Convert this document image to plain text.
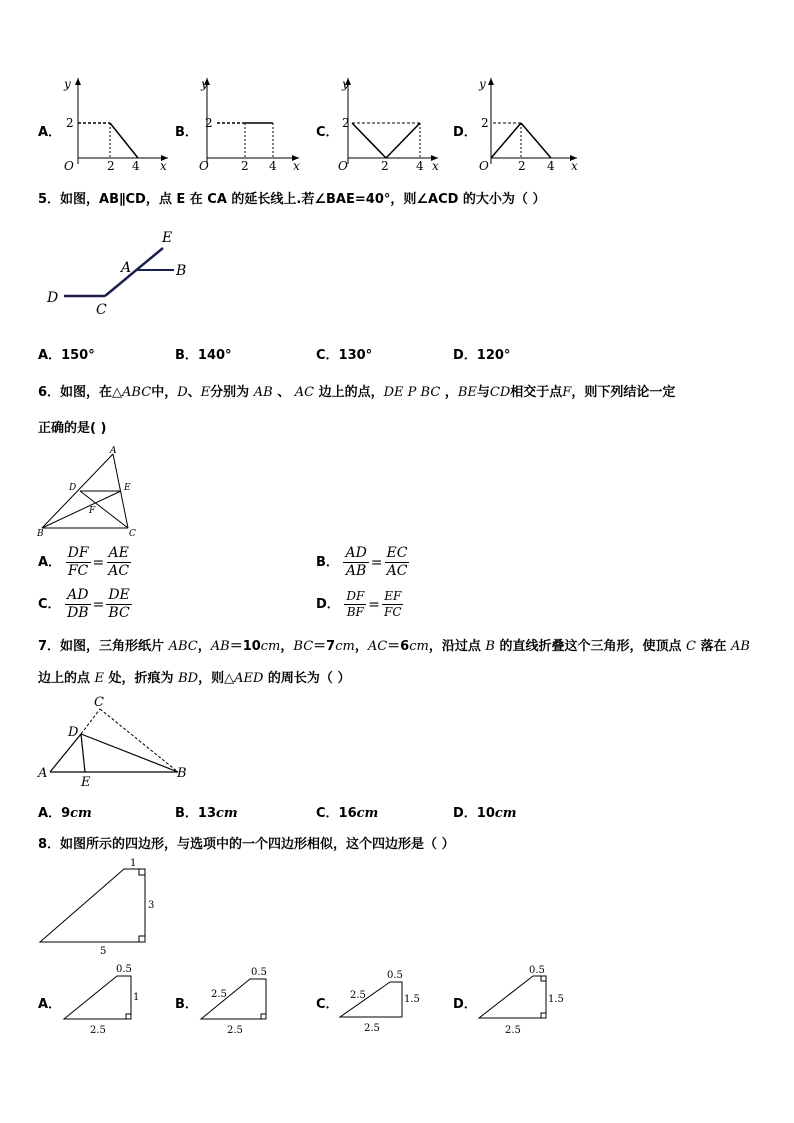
A．
y
x
O
2
2 4
B．
y
x
O
2
2 4
C．
y
x
O
2
2 4
D．
y
x
O
2
2 4
5．如图，AB∥CD，点 E 在 CA 的延长线上.若∠BAE=40°，则∠ACD 的大小为（ ）
E
A	B
D
C
A．150°	B．140°	C．130°	D．120°
6．如图，在△ABC中，D、E分别为 AB 、 AC 边上的点，DE P BC ，BE与CD相交于点F，则下列结论一定
正确的是( )
A
D	E
F
B	C
A． $\frac{DF}{FC} = \frac{AE}{AC}$	B． $\frac{AD}{AB} = \frac{EC}{AC}$
C． $\frac{AD}{DB} = \frac{DE}{BC}$	D． $\frac{DF}{BF} = \frac{EF}{FC}$
7．如图，三角形纸片 ABC，AB＝10cm，BC＝7cm，AC＝6cm，沿过点 B 的直线折叠这个三角形，使顶点 C 落在 AB
边上的点 E 处，折痕为 BD，则△AED 的周长为（ ）
C
D
A
E
B
A．9cm	B．13cm	C．16cm	D．10cm
8．如图所示的四边形，与选项中的一个四边形相似，这个四边形是（ ）
1
3
5
A．
0.5
1
2.5
B．
0.5
2.5
2.5
C．
0.5
2.5	1.5
2.5
D．
0.5
1.5
2.5
